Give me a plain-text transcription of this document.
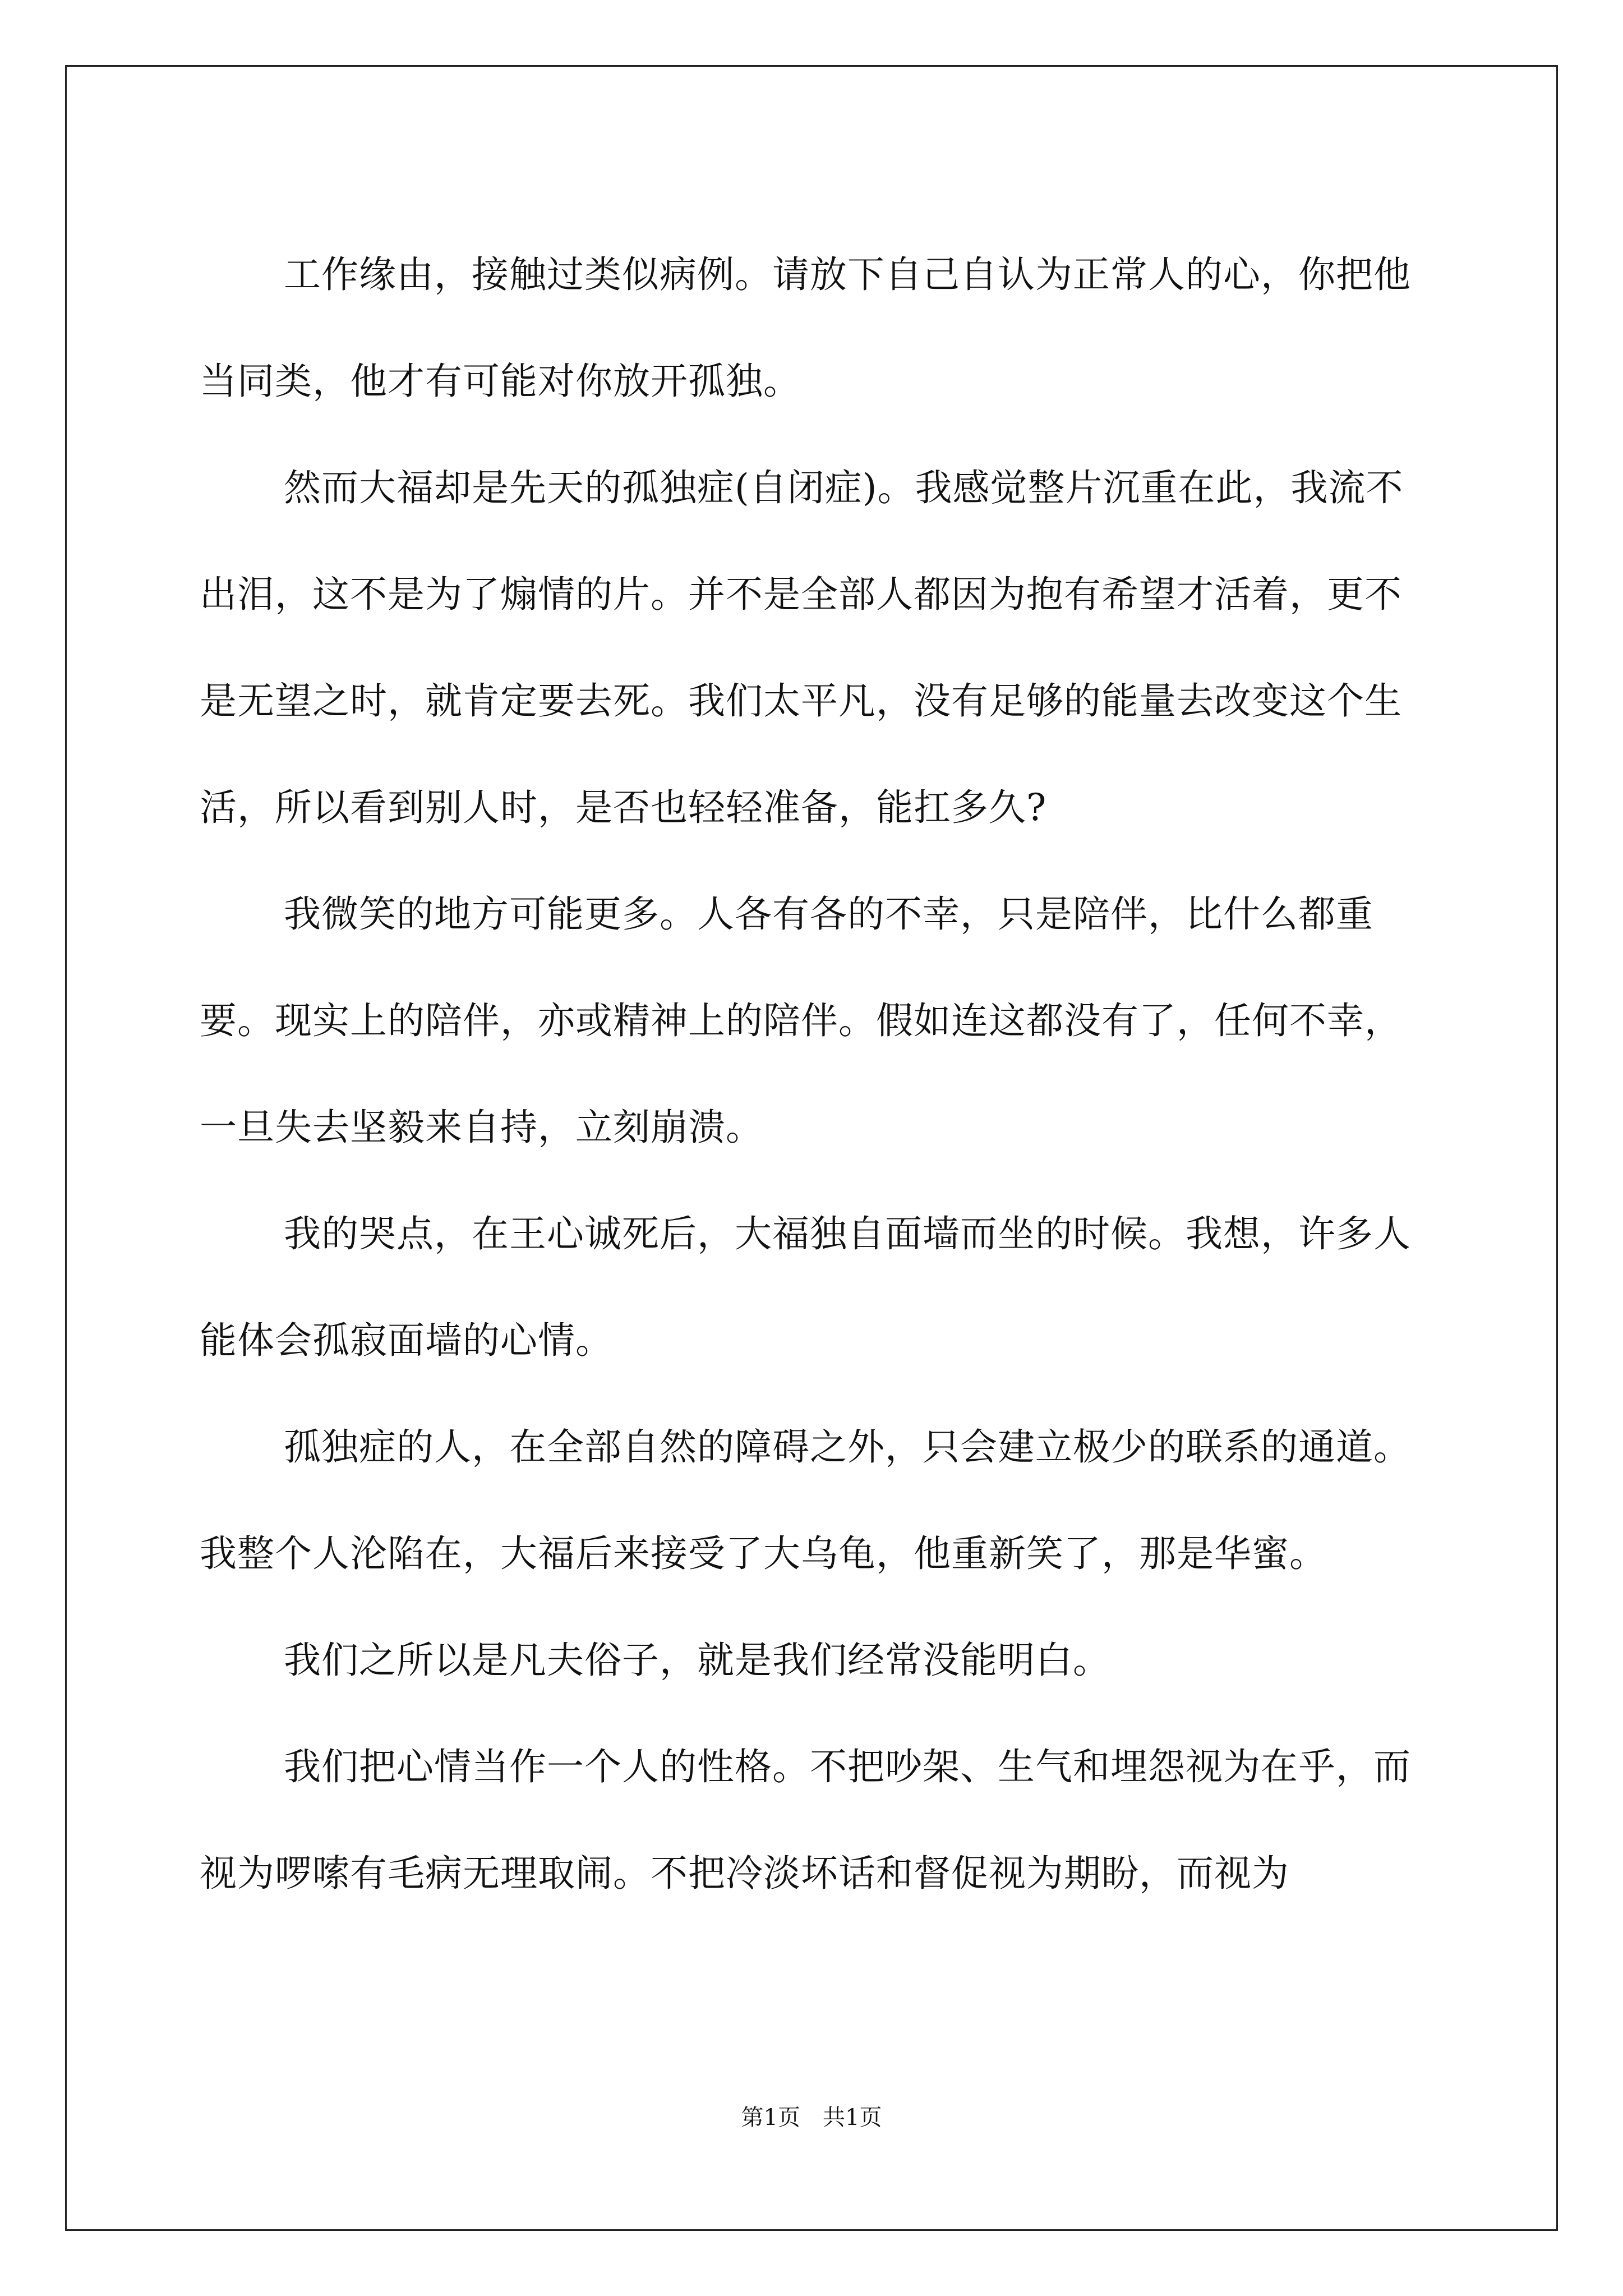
工作缘由，接触过类似病例。请放下自己自认为正常人的心，你把他当同类，他才有可能对你放开孤独。

然而大福却是先天的孤独症(自闭症)。我感觉整片沉重在此，我流不出泪，这不是为了煽情的片。并不是全部人都因为抱有希望才活着，更不是无望之时，就肯定要去死。我们太平凡，没有足够的能量去改变这个生活，所以看到别人时，是否也轻轻准备，能扛多久?

我微笑的地方可能更多。人各有各的不幸，只是陪伴，比什么都重要。现实上的陪伴，亦或精神上的陪伴。假如连这都没有了，任何不幸，一旦失去坚毅来自持，立刻崩溃。

我的哭点，在王心诚死后，大福独自面墙而坐的时候。我想，许多人能体会孤寂面墙的心情。

孤独症的人，在全部自然的障碍之外，只会建立极少的联系的通道。我整个人沦陷在，大福后来接受了大乌龟，他重新笑了，那是华蜜。

我们之所以是凡夫俗子，就是我们经常没能明白。

我们把心情当作一个人的性格。不把吵架、生气和埋怨视为在乎，而视为啰嗦有毛病无理取闹。不把冷淡坏话和督促视为期盼，而视为

第1页　共1页
